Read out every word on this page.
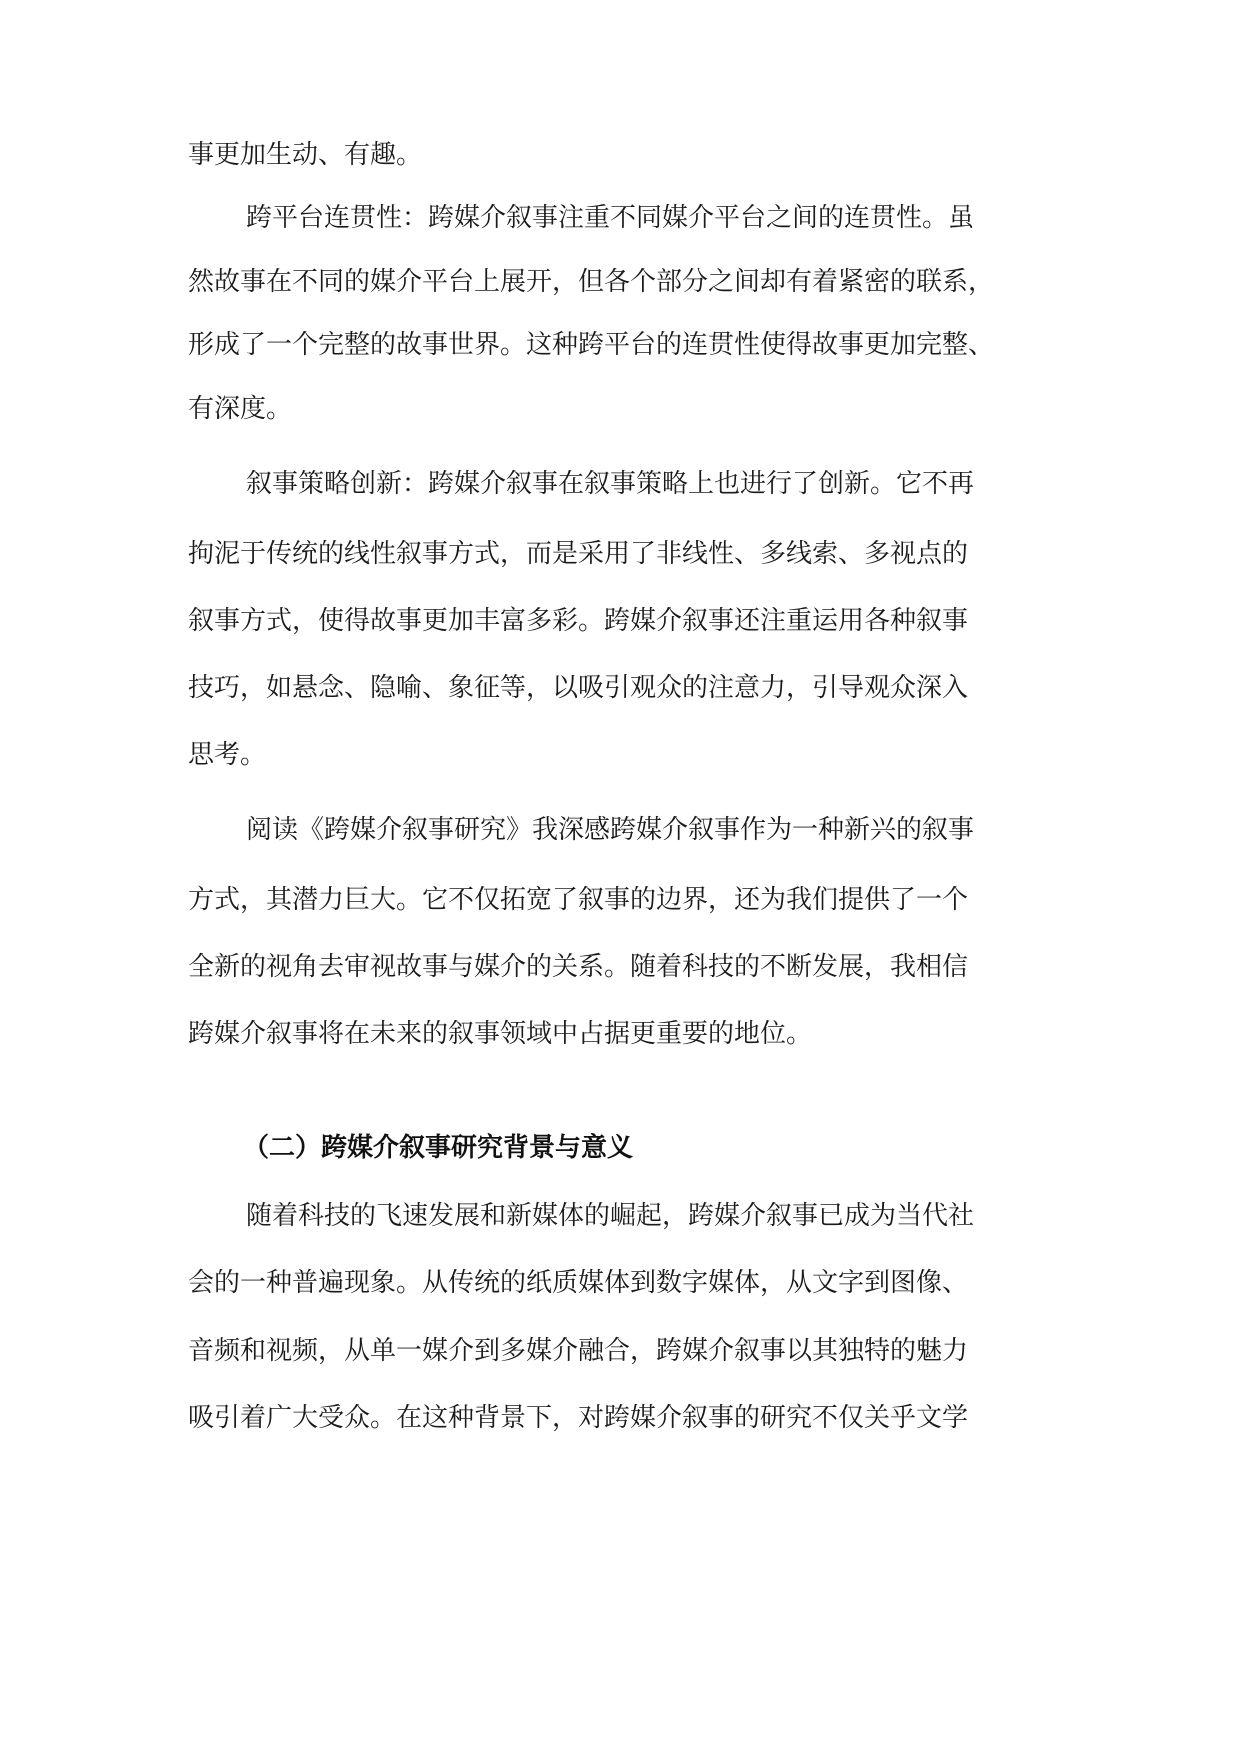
事更加生动、有趣。

跨平台连贯性：跨媒介叙事注重不同媒介平台之间的连贯性。虽

然故事在不同的媒介平台上展开，但各个部分之间却有着紧密的联系，

形成了一个完整的故事世界。这种跨平台的连贯性使得故事更加完整、

有深度。

叙事策略创新：跨媒介叙事在叙事策略上也进行了创新。它不再

拘泥于传统的线性叙事方式，而是采用了非线性、多线索、多视点的

叙事方式，使得故事更加丰富多彩。跨媒介叙事还注重运用各种叙事

技巧，如悬念、隐喻、象征等，以吸引观众的注意力，引导观众深入

思考。

阅读《跨媒介叙事研究》我深感跨媒介叙事作为一种新兴的叙事

方式，其潜力巨大。它不仅拓宽了叙事的边界，还为我们提供了一个

全新的视角去审视故事与媒介的关系。随着科技的不断发展，我相信

跨媒介叙事将在未来的叙事领域中占据更重要的地位。

（二）跨媒介叙事研究背景与意义

随着科技的飞速发展和新媒体的崛起，跨媒介叙事已成为当代社

会的一种普遍现象。从传统的纸质媒体到数字媒体，从文字到图像、

音频和视频，从单一媒介到多媒介融合，跨媒介叙事以其独特的魅力

吸引着广大受众。在这种背景下，对跨媒介叙事的研究不仅关乎文学
